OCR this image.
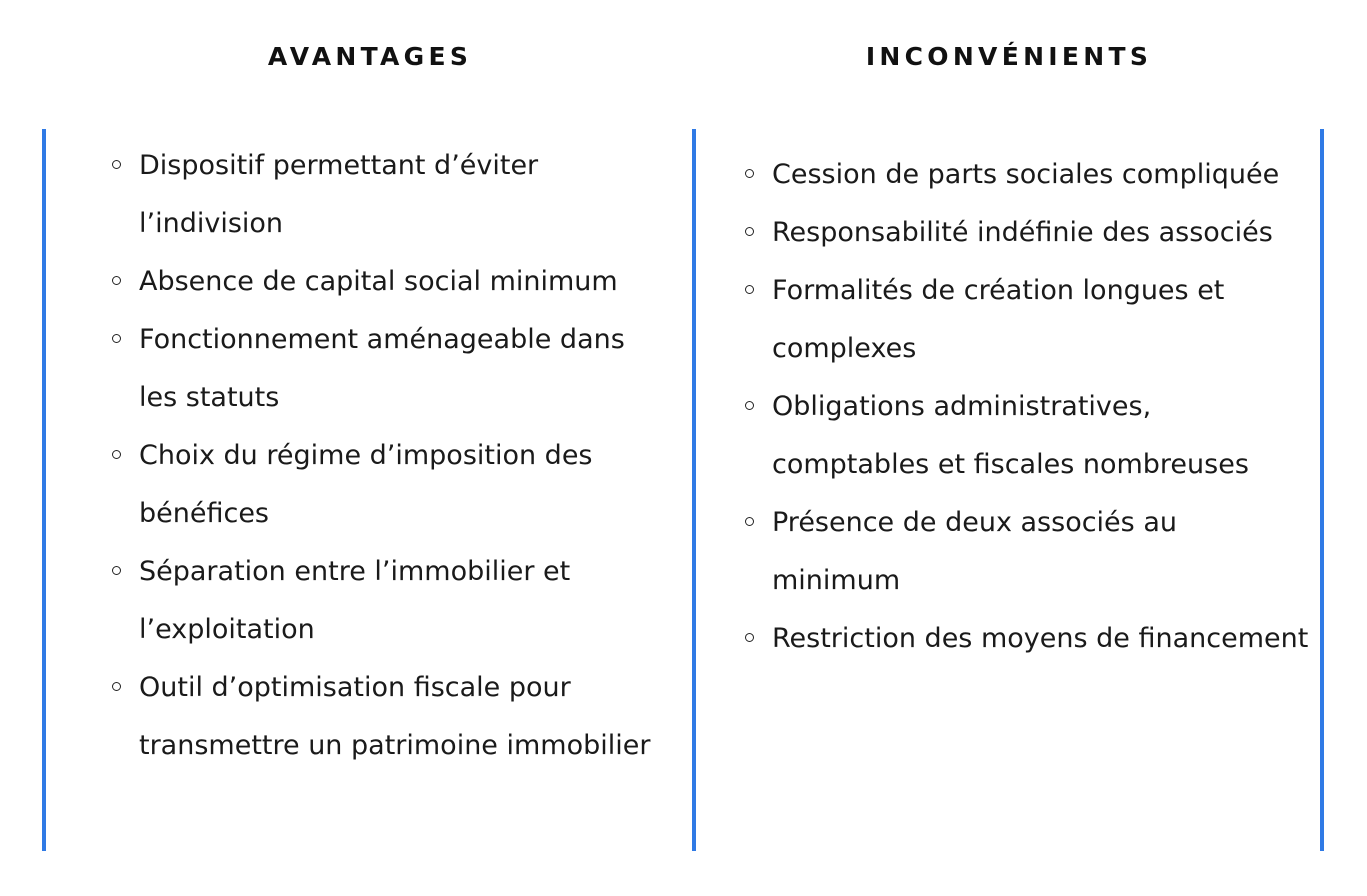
AVANTAGES	INCONVÉNIENTS
Dispositif permettant d’éviter l’indivision
Absence de capital social minimum
Fonctionnement aménageable dans les statuts
Choix du régime d’imposition des bénéfices
Séparation entre l’immobilier et l’exploitation
Outil d’optimisation fiscale pour transmettre un patrimoine immobilier
Cession de parts sociales compliquée
Responsabilité indéfinie des associés
Formalités de création longues et complexes
Obligations administratives, comptables et fiscales nombreuses
Présence de deux associés au minimum
Restriction des moyens de financement
